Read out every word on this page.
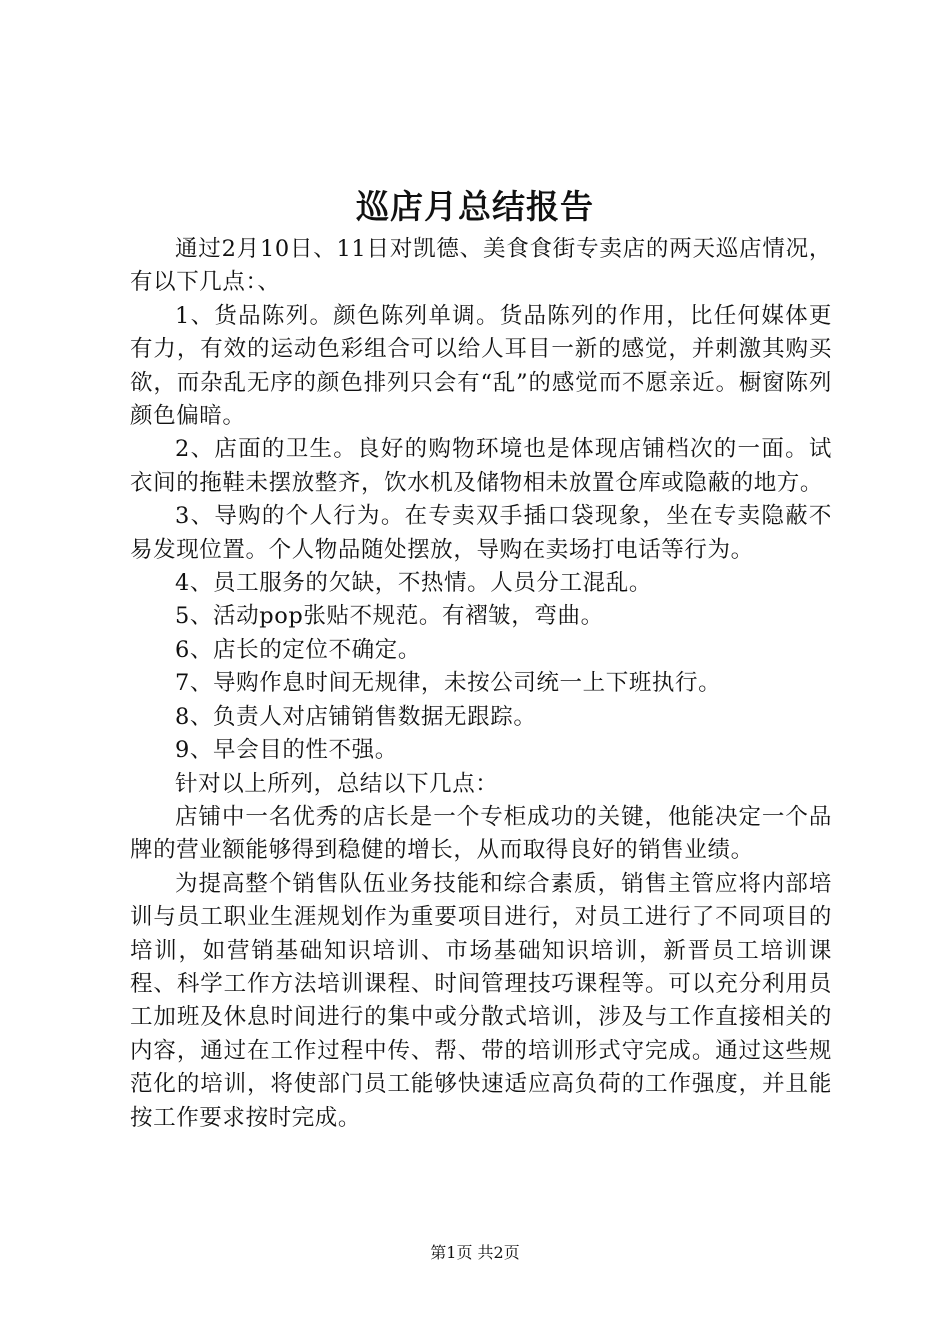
巡店月总结报告

通过2月10日、11日对凯德、美食食街专卖店的两天巡店情况，有以下几点：、

1、货品陈列。颜色陈列单调。货品陈列的作用，比任何媒体更有力，有效的运动色彩组合可以给人耳目一新的感觉，并刺激其购买欲，而杂乱无序的颜色排列只会有“乱”的感觉而不愿亲近。橱窗陈列颜色偏暗。

2、店面的卫生。良好的购物环境也是体现店铺档次的一面。试衣间的拖鞋未摆放整齐，饮水机及储物相未放置仓库或隐蔽的地方。

3、导购的个人行为。在专卖双手插口袋现象，坐在专卖隐蔽不易发现位置。个人物品随处摆放，导购在卖场打电话等行为。

4、员工服务的欠缺，不热情。人员分工混乱。

5、活动pop张贴不规范。有褶皱，弯曲。

6、店长的定位不确定。

7、导购作息时间无规律，未按公司统一上下班执行。

8、负责人对店铺销售数据无跟踪。

9、早会目的性不强。

针对以上所列，总结以下几点：

店铺中一名优秀的店长是一个专柜成功的关键，他能决定一个品牌的营业额能够得到稳健的增长，从而取得良好的销售业绩。

为提高整个销售队伍业务技能和综合素质，销售主管应将内部培训与员工职业生涯规划作为重要项目进行，对员工进行了不同项目的培训，如营销基础知识培训、市场基础知识培训，新晋员工培训课程、科学工作方法培训课程、时间管理技巧课程等。可以充分利用员工加班及休息时间进行的集中或分散式培训，涉及与工作直接相关的内容，通过在工作过程中传、帮、带的培训形式守完成。通过这些规范化的培训，将使部门员工能够快速适应高负荷的工作强度，并且能按工作要求按时完成。

第1页 共2页
